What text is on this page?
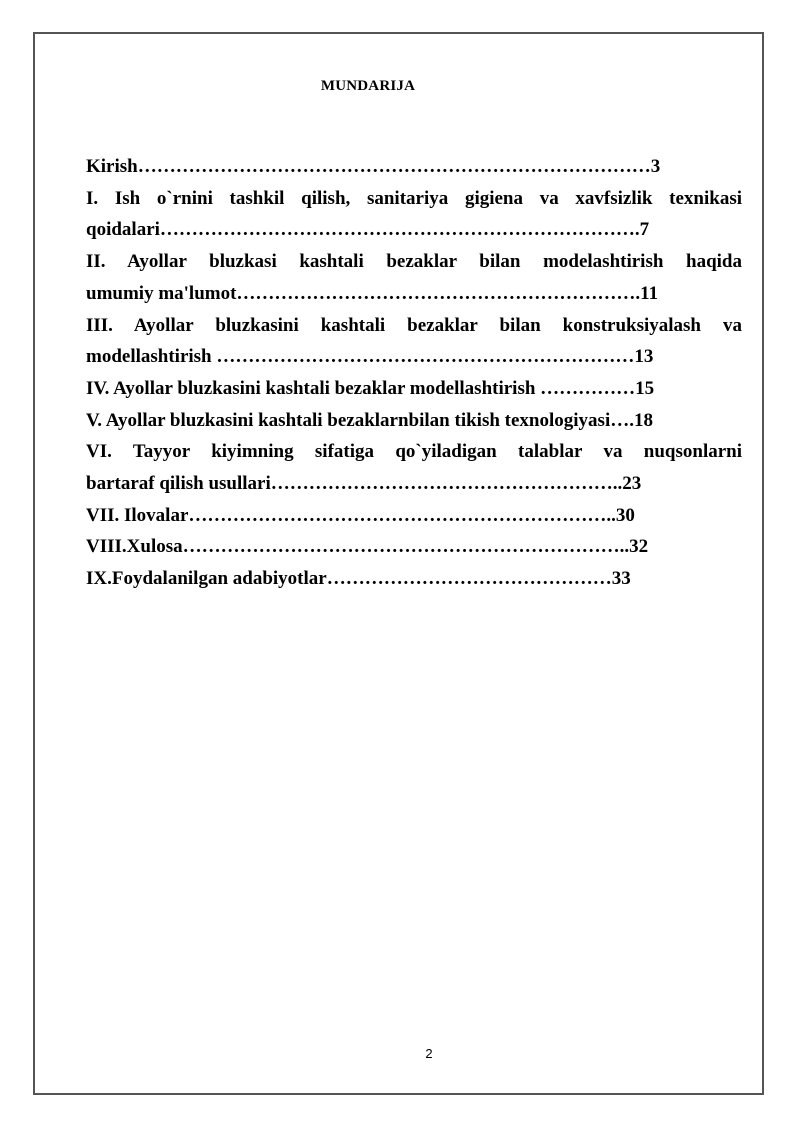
MUNDARIJA
Kirish………………………………………………………………………3
I. Ish o`rnini tashkil qilish, sanitariya gigiena va xavfsizlik texnikasi
qoidalari………………………………………………………………….7
II. Ayollar bluzkasi kashtali bezaklar bilan modelashtirish haqida
umumiy ma'lumot……………………………………………………….11
III. Ayollar bluzkasini kashtali bezaklar bilan konstruksiyalash va
modellashtirish …………………………………………………………13
IV. Ayollar bluzkasini kashtali bezaklar modellashtirish ……………15
V. Ayollar bluzkasini kashtali bezaklarnbilan tikish texnologiyasi….18
VI. Tayyor kiyimning sifatiga qo`yiladigan talablar va nuqsonlarni
bartaraf qilish usullari………………………………………………..23
VII. Ilovalar…………………………………………………………..30
VIII.Xulosa……………………………………………………………..32
IX.Foydalanilgan adabiyotlar………………………………………33
2
